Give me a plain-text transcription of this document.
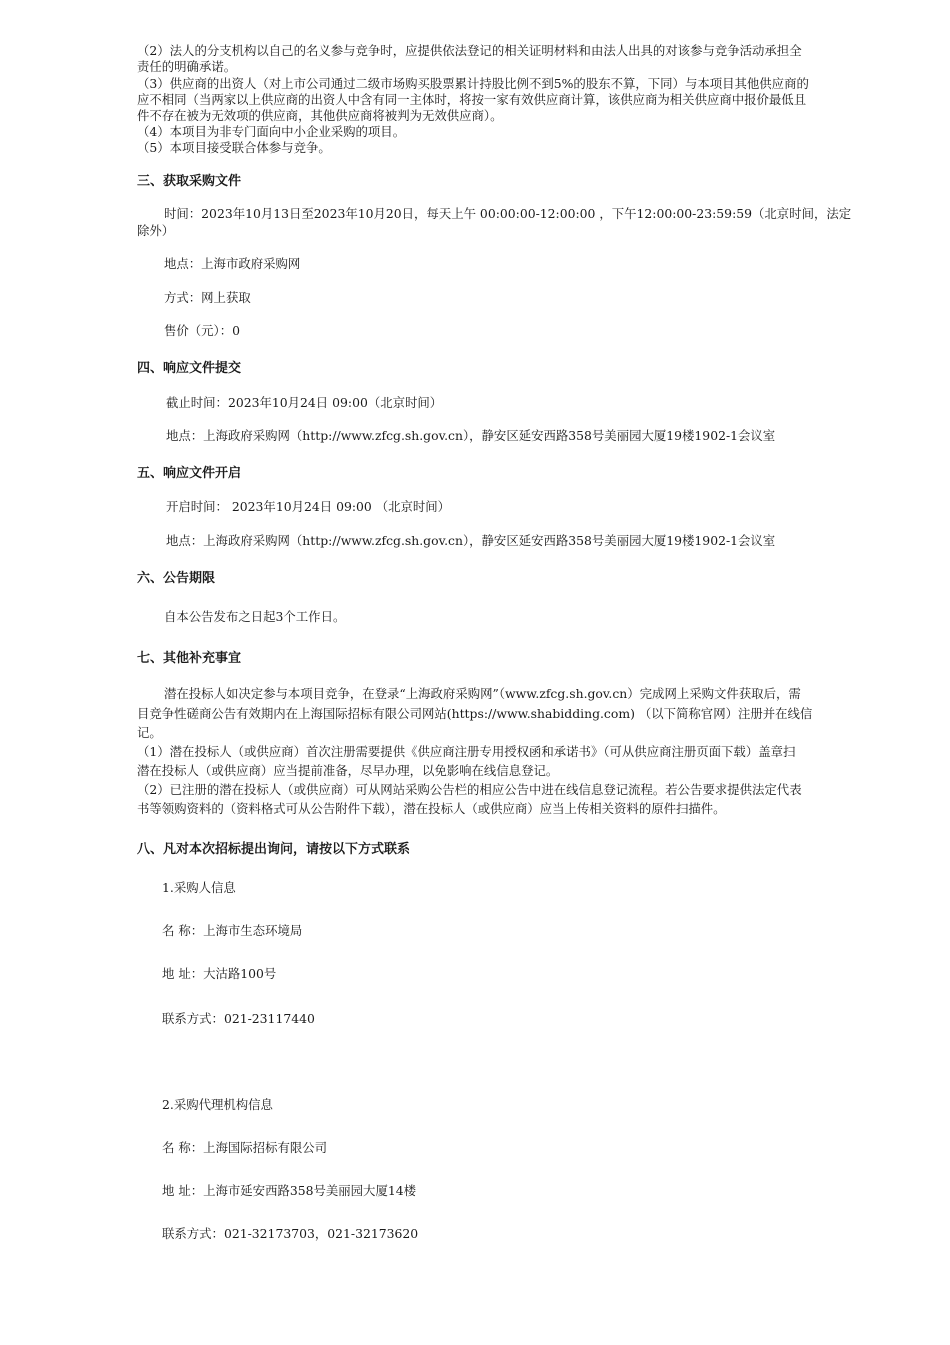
（2）法人的分支机构以自己的名义参与竞争时，应提供依法登记的相关证明材料和由法人出具的对该参与竞争活动承担全
责任的明确承诺。
（3）供应商的出资人（对上市公司通过二级市场购买股票累计持股比例不到5%的股东不算，下同）与本项目其他供应商的
应不相同（当两家以上供应商的出资人中含有同一主体时，将按一家有效供应商计算，该供应商为相关供应商中报价最低且
件不存在被为无效项的供应商，其他供应商将被判为无效供应商）。
（4）本项目为非专门面向中小企业采购的项目。
（5）本项目接受联合体参与竞争。
三、获取采购文件
时间：2023年10月13日至2023年10月20日，每天上午 00:00:00-12:00:00 ，下午12:00:00-23:59:59（北京时间，法定
除外）
地点：上海市政府采购网
方式：网上获取
售价（元）：0
四、响应文件提交
截止时间：2023年10月24日 09:00（北京时间）
地点：上海政府采购网（http://www.zfcg.sh.gov.cn），静安区延安西路358号美丽园大厦19楼1902-1会议室
五、响应文件开启
开启时间： 2023年10月24日 09:00 （北京时间）
地点：上海政府采购网（http://www.zfcg.sh.gov.cn），静安区延安西路358号美丽园大厦19楼1902-1会议室
六、公告期限
自本公告发布之日起3个工作日。
七、其他补充事宜
潜在投标人如决定参与本项目竞争，在登录“上海政府采购网”（www.zfcg.sh.gov.cn）完成网上采购文件获取后，需
目竞争性磋商公告有效期内在上海国际招标有限公司网站(https://www.shabidding.com) （以下简称官网）注册并在线信
记。
（1）潜在投标人（或供应商）首次注册需要提供《供应商注册专用授权函和承诺书》（可从供应商注册页面下载）盖章扫
潜在投标人（或供应商）应当提前准备，尽早办理，以免影响在线信息登记。
（2）已注册的潜在投标人（或供应商）可从网站采购公告栏的相应公告中进在线信息登记流程。若公告要求提供法定代表
书等领购资料的（资料格式可从公告附件下载），潜在投标人（或供应商）应当上传相关资料的原件扫描件。
八、凡对本次招标提出询问，请按以下方式联系
1.采购人信息
名 称：上海市生态环境局
地 址：大沽路100号
联系方式：021-23117440
2.采购代理机构信息
名 称：上海国际招标有限公司
地 址：上海市延安西路358号美丽园大厦14楼
联系方式：021-32173703，021-32173620
